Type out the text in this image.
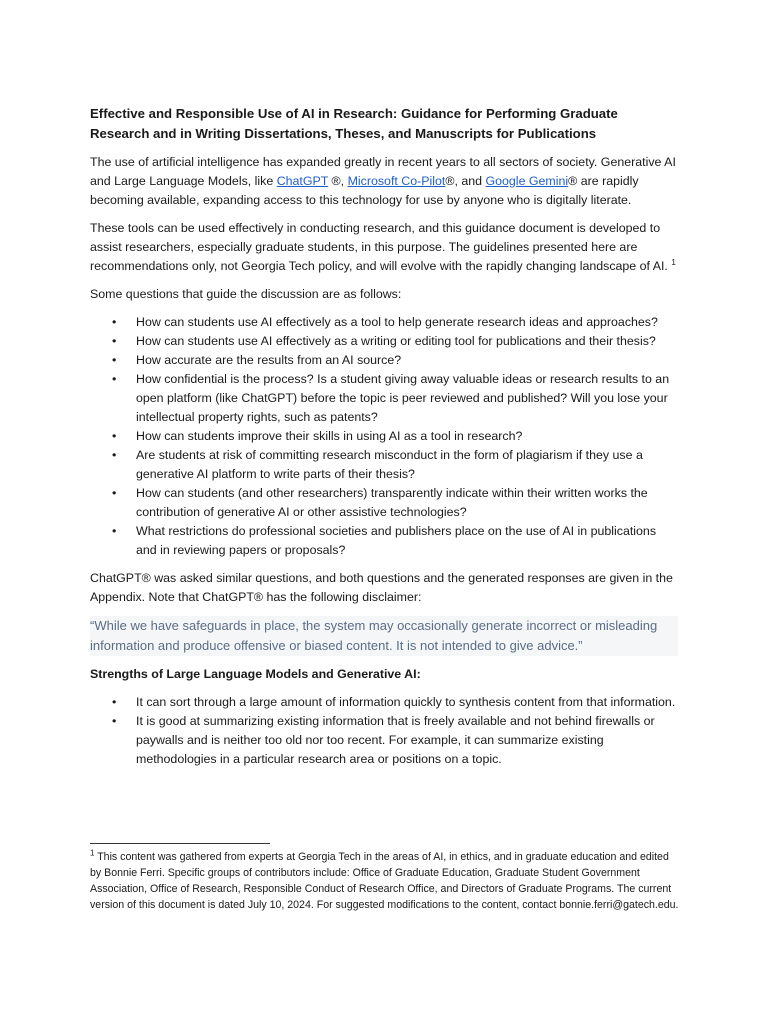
Effective and Responsible Use of AI in Research: Guidance for Performing Graduate Research and in Writing Dissertations, Theses, and Manuscripts for Publications

The use of artificial intelligence has expanded greatly in recent years to all sectors of society. Generative AI and Large Language Models, like ChatGPT ®, Microsoft Co-Pilot®, and Google Gemini® are rapidly becoming available, expanding access to this technology for use by anyone who is digitally literate.

These tools can be used effectively in conducting research, and this guidance document is developed to assist researchers, especially graduate students, in this purpose. The guidelines presented here are recommendations only, not Georgia Tech policy, and will evolve with the rapidly changing landscape of AI. $^1$

Some questions that guide the discussion are as follows:

• How can students use AI effectively as a tool to help generate research ideas and approaches?
• How can students use AI effectively as a writing or editing tool for publications and their thesis?
• How accurate are the results from an AI source?
• How confidential is the process? Is a student giving away valuable ideas or research results to an open platform (like ChatGPT) before the topic is peer reviewed and published? Will you lose your intellectual property rights, such as patents?
• How can students improve their skills in using AI as a tool in research?
• Are students at risk of committing research misconduct in the form of plagiarism if they use a generative AI platform to write parts of their thesis?
• How can students (and other researchers) transparently indicate within their written works the contribution of generative AI or other assistive technologies?
• What restrictions do professional societies and publishers place on the use of AI in publications and in reviewing papers or proposals?

ChatGPT® was asked similar questions, and both questions and the generated responses are given in the Appendix. Note that ChatGPT® has the following disclaimer:

“While we have safeguards in place, the system may occasionally generate incorrect or misleading information and produce offensive or biased content. It is not intended to give advice.”

Strengths of Large Language Models and Generative AI:

• It can sort through a large amount of information quickly to synthesis content from that information.
• It is good at summarizing existing information that is freely available and not behind firewalls or paywalls and is neither too old nor too recent. For example, it can summarize existing methodologies in a particular research area or positions on a topic.
$^1$ This content was gathered from experts at Georgia Tech in the areas of AI, in ethics, and in graduate education and edited by Bonnie Ferri. Specific groups of contributors include: Office of Graduate Education, Graduate Student Government Association, Office of Research, Responsible Conduct of Research Office, and Directors of Graduate Programs. The current version of this document is dated July 10, 2024. For suggested modifications to the content, contact bonnie.ferri@gatech.edu.
